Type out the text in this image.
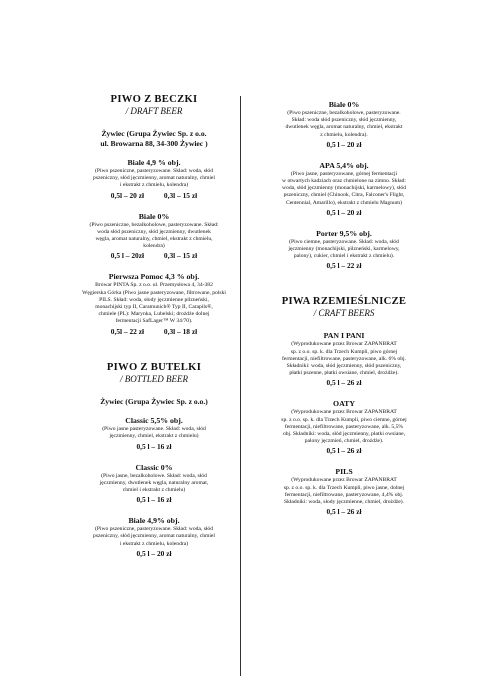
PIWO Z BECZKI
/ DRAFT BEER
Żywiec (Grupa Żywiec Sp. z o.o.
ul. Browarna 88, 34-300 Żywiec )
Biale 4,9 % obj.
(Piwo pszeniczne, pasteryzowane. Skład: woda, słód
pszeniczny, słód jęczmienny, aromat naturalny, chmiel
i ekstrakt z chmielu, kolendra)
0,5l – 20 zł	0,3l – 15 zł
Biale 0%
(Piwo pszeniczne, bezalkoholowe, pasteryzowane. Skład:
woda słód pszeniczny, słód jęczmienny, dwutlenek
węgla, aromat naturalny, chmiel, ekstrakt z chmielu,
kolendra)
0,5 l – 20zł	0,3l – 15 zł
Pierwsza Pomoc 4,3 % obj.
Browar PINTA Sp. z o.o. ul. Przemysłowa 4, 34-382
Węgierska Górka (Piwo jasne pasteryzowane, filtrowane, polski
PILS. Skład: woda, słody jęczmienne pilzneński,
monachijski typ II, Caramunich® Typ II, Carapils®,
chmiele (PL): Marynka, Lubelski; drożdże dolnej
fermentacji SafLager™ W 34/70).
0,5l – 22 zł	0,3l – 18 zł
PIWO Z BUTELKI
/ BOTTLED BEER
Żywiec (Grupa Żywiec Sp. z o.o.)
Classic 5,5% obj.
(Piwo jasne pasteryzowane. Skład: woda, słód
jęczmienny, chmiel, ekstrakt z chmielu)
0,5 l – 16 zł
Classic 0%
(Piwo jasne, bezalkoholowe. Skład: woda, słód
jęczmienny, dwutlenek węgla, naturalny aromat,
chmiel i ekstrakt z chmielu)
0,5 l – 16 zł
Biale 4,9% obj.
(Piwo pszeniczne, pasteryzowane. Skład: woda, słód
pszeniczny, słód jęczmienny, aromat naturalny, chmiel
i ekstrakt z chmielu, kolendra)
0,5 l – 20 zł
Biale 0%
(Piwo pszeniczne, bezalkoholowe, pasteryzowane.
Skład: woda słód pszeniczny, słód jęczmienny,
dwutlenek węgla, aromat naturalny, chmiel, ekstrakt
z chmielu, kolendra).
0,5 l – 20 zł
APA 5,4% obj.
(Piwo jasne, pasteryzowane, górnej fermentacji
w otwartych kadziach oraz chmielone na zimno. Skład:
woda, słód jęczmienny (monachijski, karmelowy), słód
pszeniczny, chmiel (Chinook, Citra, Falconer's Flight,
Centennial, Amarillo), ekstrakt z chmielu Magnum)
0,5 l – 20 zł
Porter 9,5% obj.
(Piwo ciemne, pasteryzowane. Skład: woda, słód
jęczmienny (monachijski, pilzneński, karmelowy,
palony), cukier, chmiel i ekstrakt z chmielu).
0,5 l – 22 zł
PIWA RZEMIEŚLNICZE
/ CRAFT BEERS
PAN I PANI
(Wyprodukowane przez Browar ZAPANBRAT
sp. z o.o. sp. k. dla Trzech Kumpli, piwo górnej
fermentacji, niefiltrowane, pasteryzowane, alk. 6% obj.
Składniki: woda, słód jęczmienny, słód pszeniczny,
płatki pszenne, płatki owsiane, chmiel, drożdże).
0,5 l – 26 zł
OATY
(Wyprodukowane przez Browar ZAPANBRAT
sp. z o.o. sp. k. dla Trzech Kumpli, piwo ciemne, górnej
fermentacji, niefiltrowane, pasteryzowane, alk. 5,5%
obj. Składniki: woda, słód jęczmienny, płatki owsiane,
palony jęczmień, chmiel, drożdże).
0,5 l – 26 zł
PILS
(Wyprodukowane przez Browar ZAPANBRAT
sp. z o.o. sp. k. dla Trzech Kumpli, piwo jasne, dolnej
fermentacji, niefiltrowane, pasteryzowane, 4,4% obj.
Składniki: woda, słody jęczmienne, chmiel, drożdże).
0,5 l – 26 zł
